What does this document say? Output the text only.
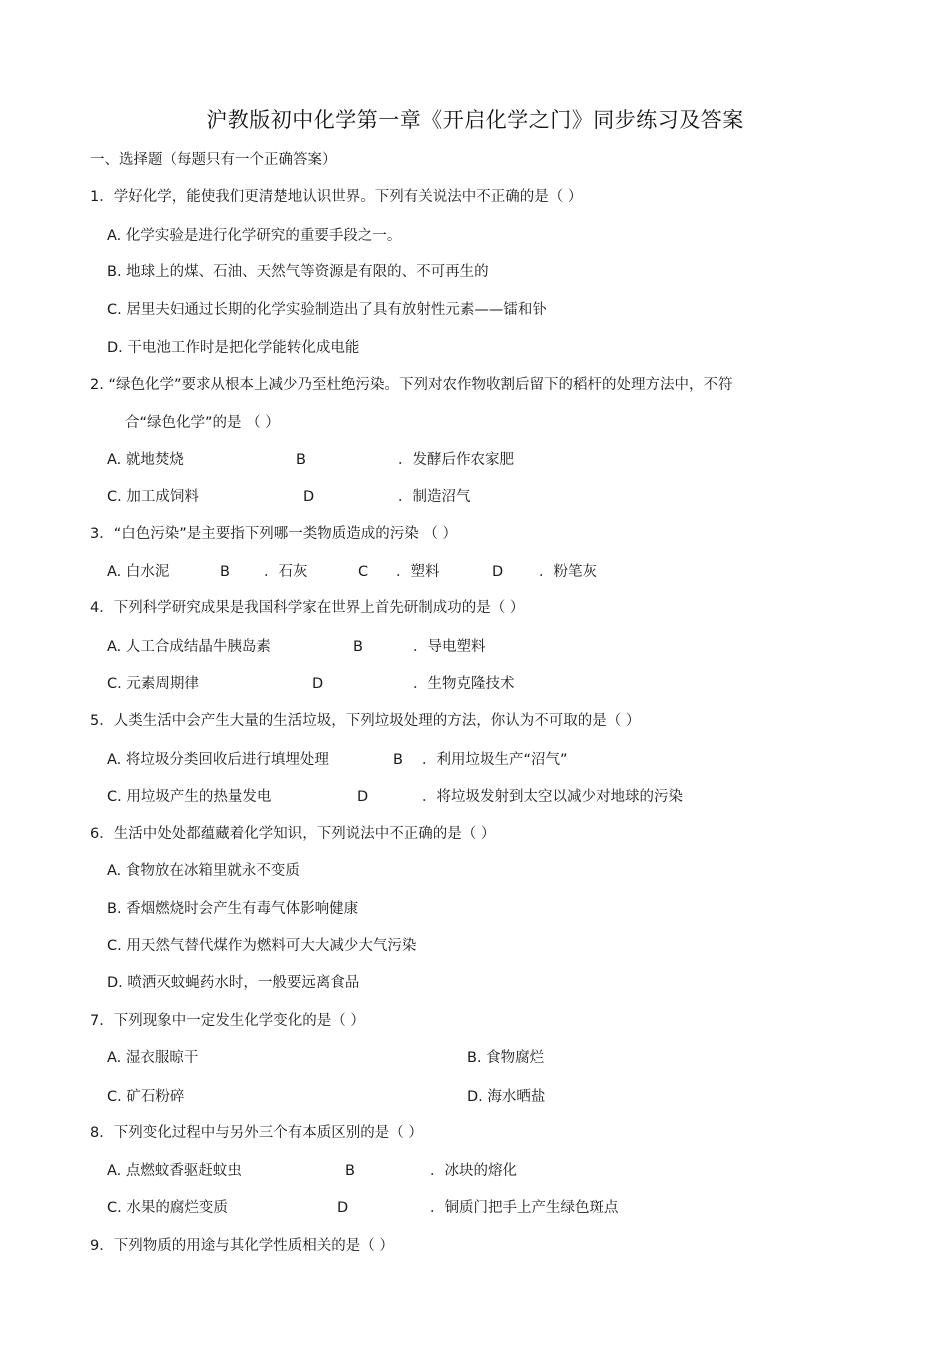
沪教版初中化学第一章《开启化学之门》同步练习及答案
一、选择题（每题只有一个正确答案）
1．学好化学，能使我们更清楚地认识世界。下列有关说法中不正确的是（ ）
A. 化学实验是进行化学研究的重要手段之一。
B. 地球上的煤、石油、天然气等资源是有限的、不可再生的
C. 居里夫妇通过长期的化学实验制造出了具有放射性元素——镭和钋
D. 干电池工作时是把化学能转化成电能
2. “绿色化学”要求从根本上减少乃至杜绝污染。下列对农作物收割后留下的稻杆的处理方法中，不符
合“绿色化学”的是 （ ）
A. 就地焚烧	B	．发酵后作农家肥
C. 加工成饲料	D	．制造沼气
3．“白色污染”是主要指下列哪一类物质造成的污染 （ ）
A. 白水泥	B ．石灰	C ．塑料	D ．粉笔灰
4．下列科学研究成果是我国科学家在世界上首先研制成功的是（ ）
A. 人工合成结晶牛胰岛素	B	．导电塑料
C. 元素周期律	D	．生物克隆技术
5．人类生活中会产生大量的生活垃圾，下列垃圾处理的方法，你认为不可取的是（ ）
A. 将垃圾分类回收后进行填埋处理	B ．利用垃圾生产“沼气”
C. 用垃圾产生的热量发电	D	．将垃圾发射到太空以减少对地球的污染
6．生活中处处都蕴藏着化学知识，下列说法中不正确的是（ ）
A. 食物放在冰箱里就永不变质
B. 香烟燃烧时会产生有毒气体影响健康
C. 用天然气替代煤作为燃料可大大减少大气污染
D. 喷洒灭蚊蝇药水时，一般要远离食品
7．下列现象中一定发生化学变化的是（ ）
A. 湿衣服晾干	B. 食物腐烂
C. 矿石粉碎	D. 海水晒盐
8．下列变化过程中与另外三个有本质区别的是（ ）
A. 点燃蚊香驱赶蚊虫	B	．冰块的熔化
C. 水果的腐烂变质	D	．铜质门把手上产生绿色斑点
9．下列物质的用途与其化学性质相关的是（ ）
